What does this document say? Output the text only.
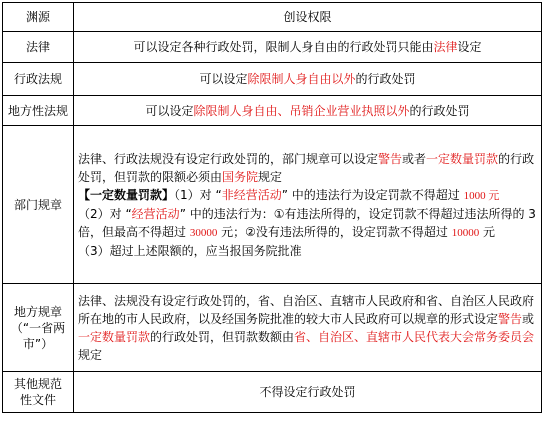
渊源	创设权限
法律	可以设定各种行政处罚，限制人身自由的行政处罚只能由法律设定
行政法规	可以设定除限制人身自由以外的行政处罚
地方性法规	可以设定除限制人身自由、吊销企业营业执照以外的行政处罚
部门规章	法律、行政法规没有设定行政处罚的，部门规章可以设定警告或者一定数量罚款的行政处罚，但罚款的限额必须由国务院规定
【一定数量罚款】（1）对 “非经营活动” 中的违法行为设定罚款不得超过 1000 元
（2）对 “经营活动” 中的违法行为：①有违法所得的，设定罚款不得超过违法所得的 3 倍，但最高不得超过 30000 元；②没有违法所得的，设定罚款不得超过 10000 元
（3）超过上述限额的，应当报国务院批准

地方规章
（“一省两
市”）	法律、法规没有设定行政处罚的，省、自治区、直辖市人民政府和省、自治区人民政府所在地的市人民政府，以及经国务院批准的较大市人民政府可以规章的形式设定警告或一定数量罚款的行政处罚，但罚款数额由省、自治区、直辖市人民代表大会常务委员会规定

其他规范
性文件	不得设定行政处罚
